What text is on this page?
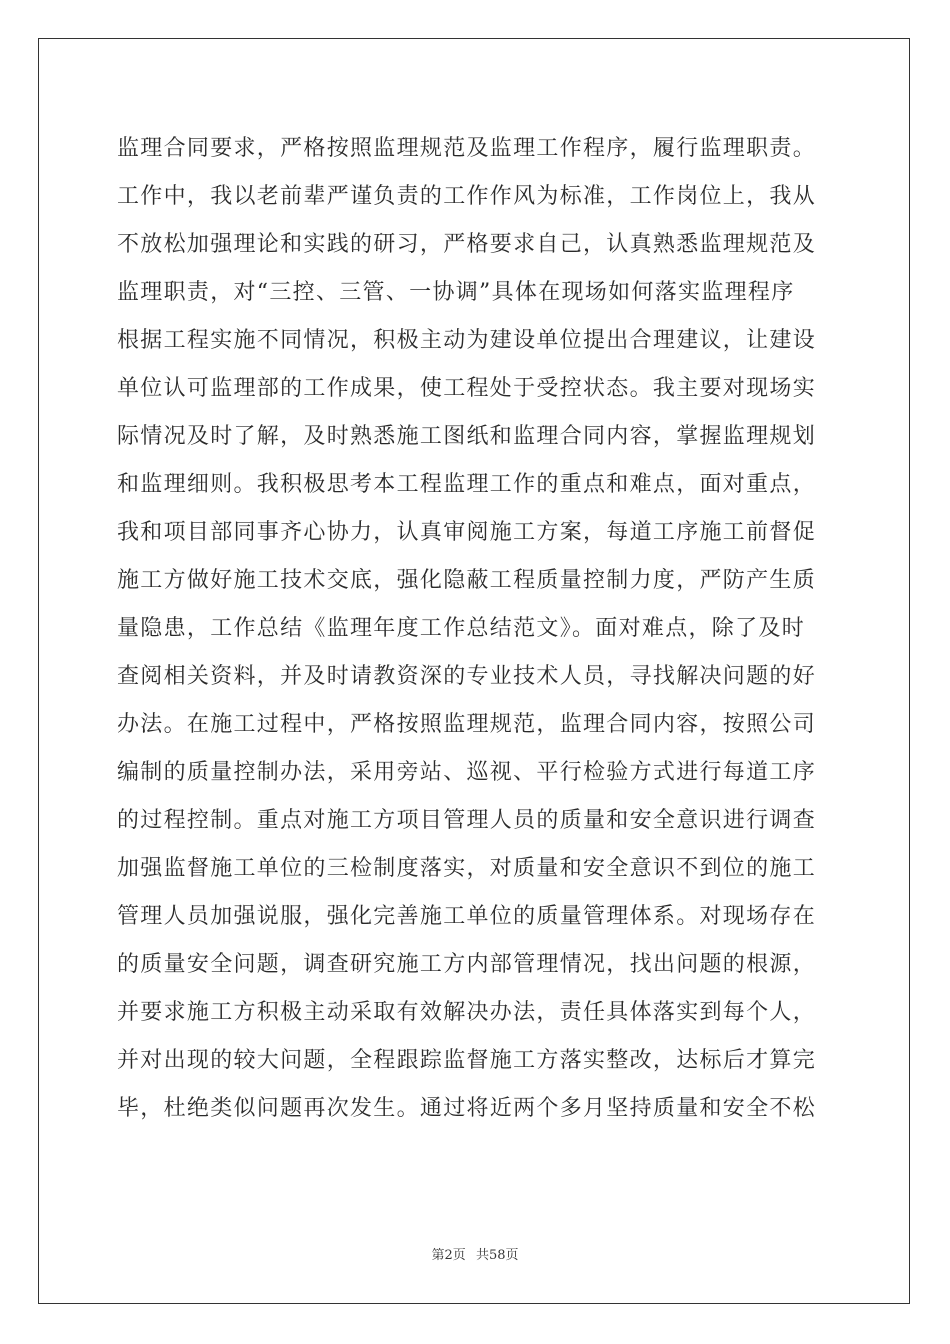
监理合同要求，严格按照监理规范及监理工作程序，履行监理职责。
工作中，我以老前辈严谨负责的工作作风为标准，工作岗位上，我从
不放松加强理论和实践的研习，严格要求自己，认真熟悉监理规范及
监理职责，对“三控、三管、一协调”具体在现场如何落实监理程序
根据工程实施不同情况，积极主动为建设单位提出合理建议，让建设
单位认可监理部的工作成果，使工程处于受控状态。我主要对现场实
际情况及时了解，及时熟悉施工图纸和监理合同内容，掌握监理规划
和监理细则。我积极思考本工程监理工作的重点和难点，面对重点，
我和项目部同事齐心协力，认真审阅施工方案，每道工序施工前督促
施工方做好施工技术交底，强化隐蔽工程质量控制力度，严防产生质
量隐患，工作总结《监理年度工作总结范文》。面对难点，除了及时
查阅相关资料，并及时请教资深的专业技术人员，寻找解决问题的好
办法。在施工过程中，严格按照监理规范，监理合同内容，按照公司
编制的质量控制办法，采用旁站、巡视、平行检验方式进行每道工序
的过程控制。重点对施工方项目管理人员的质量和安全意识进行调查
加强监督施工单位的三检制度落实，对质量和安全意识不到位的施工
管理人员加强说服，强化完善施工单位的质量管理体系。对现场存在
的质量安全问题，调查研究施工方内部管理情况，找出问题的根源，
并要求施工方积极主动采取有效解决办法，责任具体落实到每个人，
并对出现的较大问题，全程跟踪监督施工方落实整改，达标后才算完
毕，杜绝类似问题再次发生。通过将近两个多月坚持质量和安全不松
第2页 共58页
